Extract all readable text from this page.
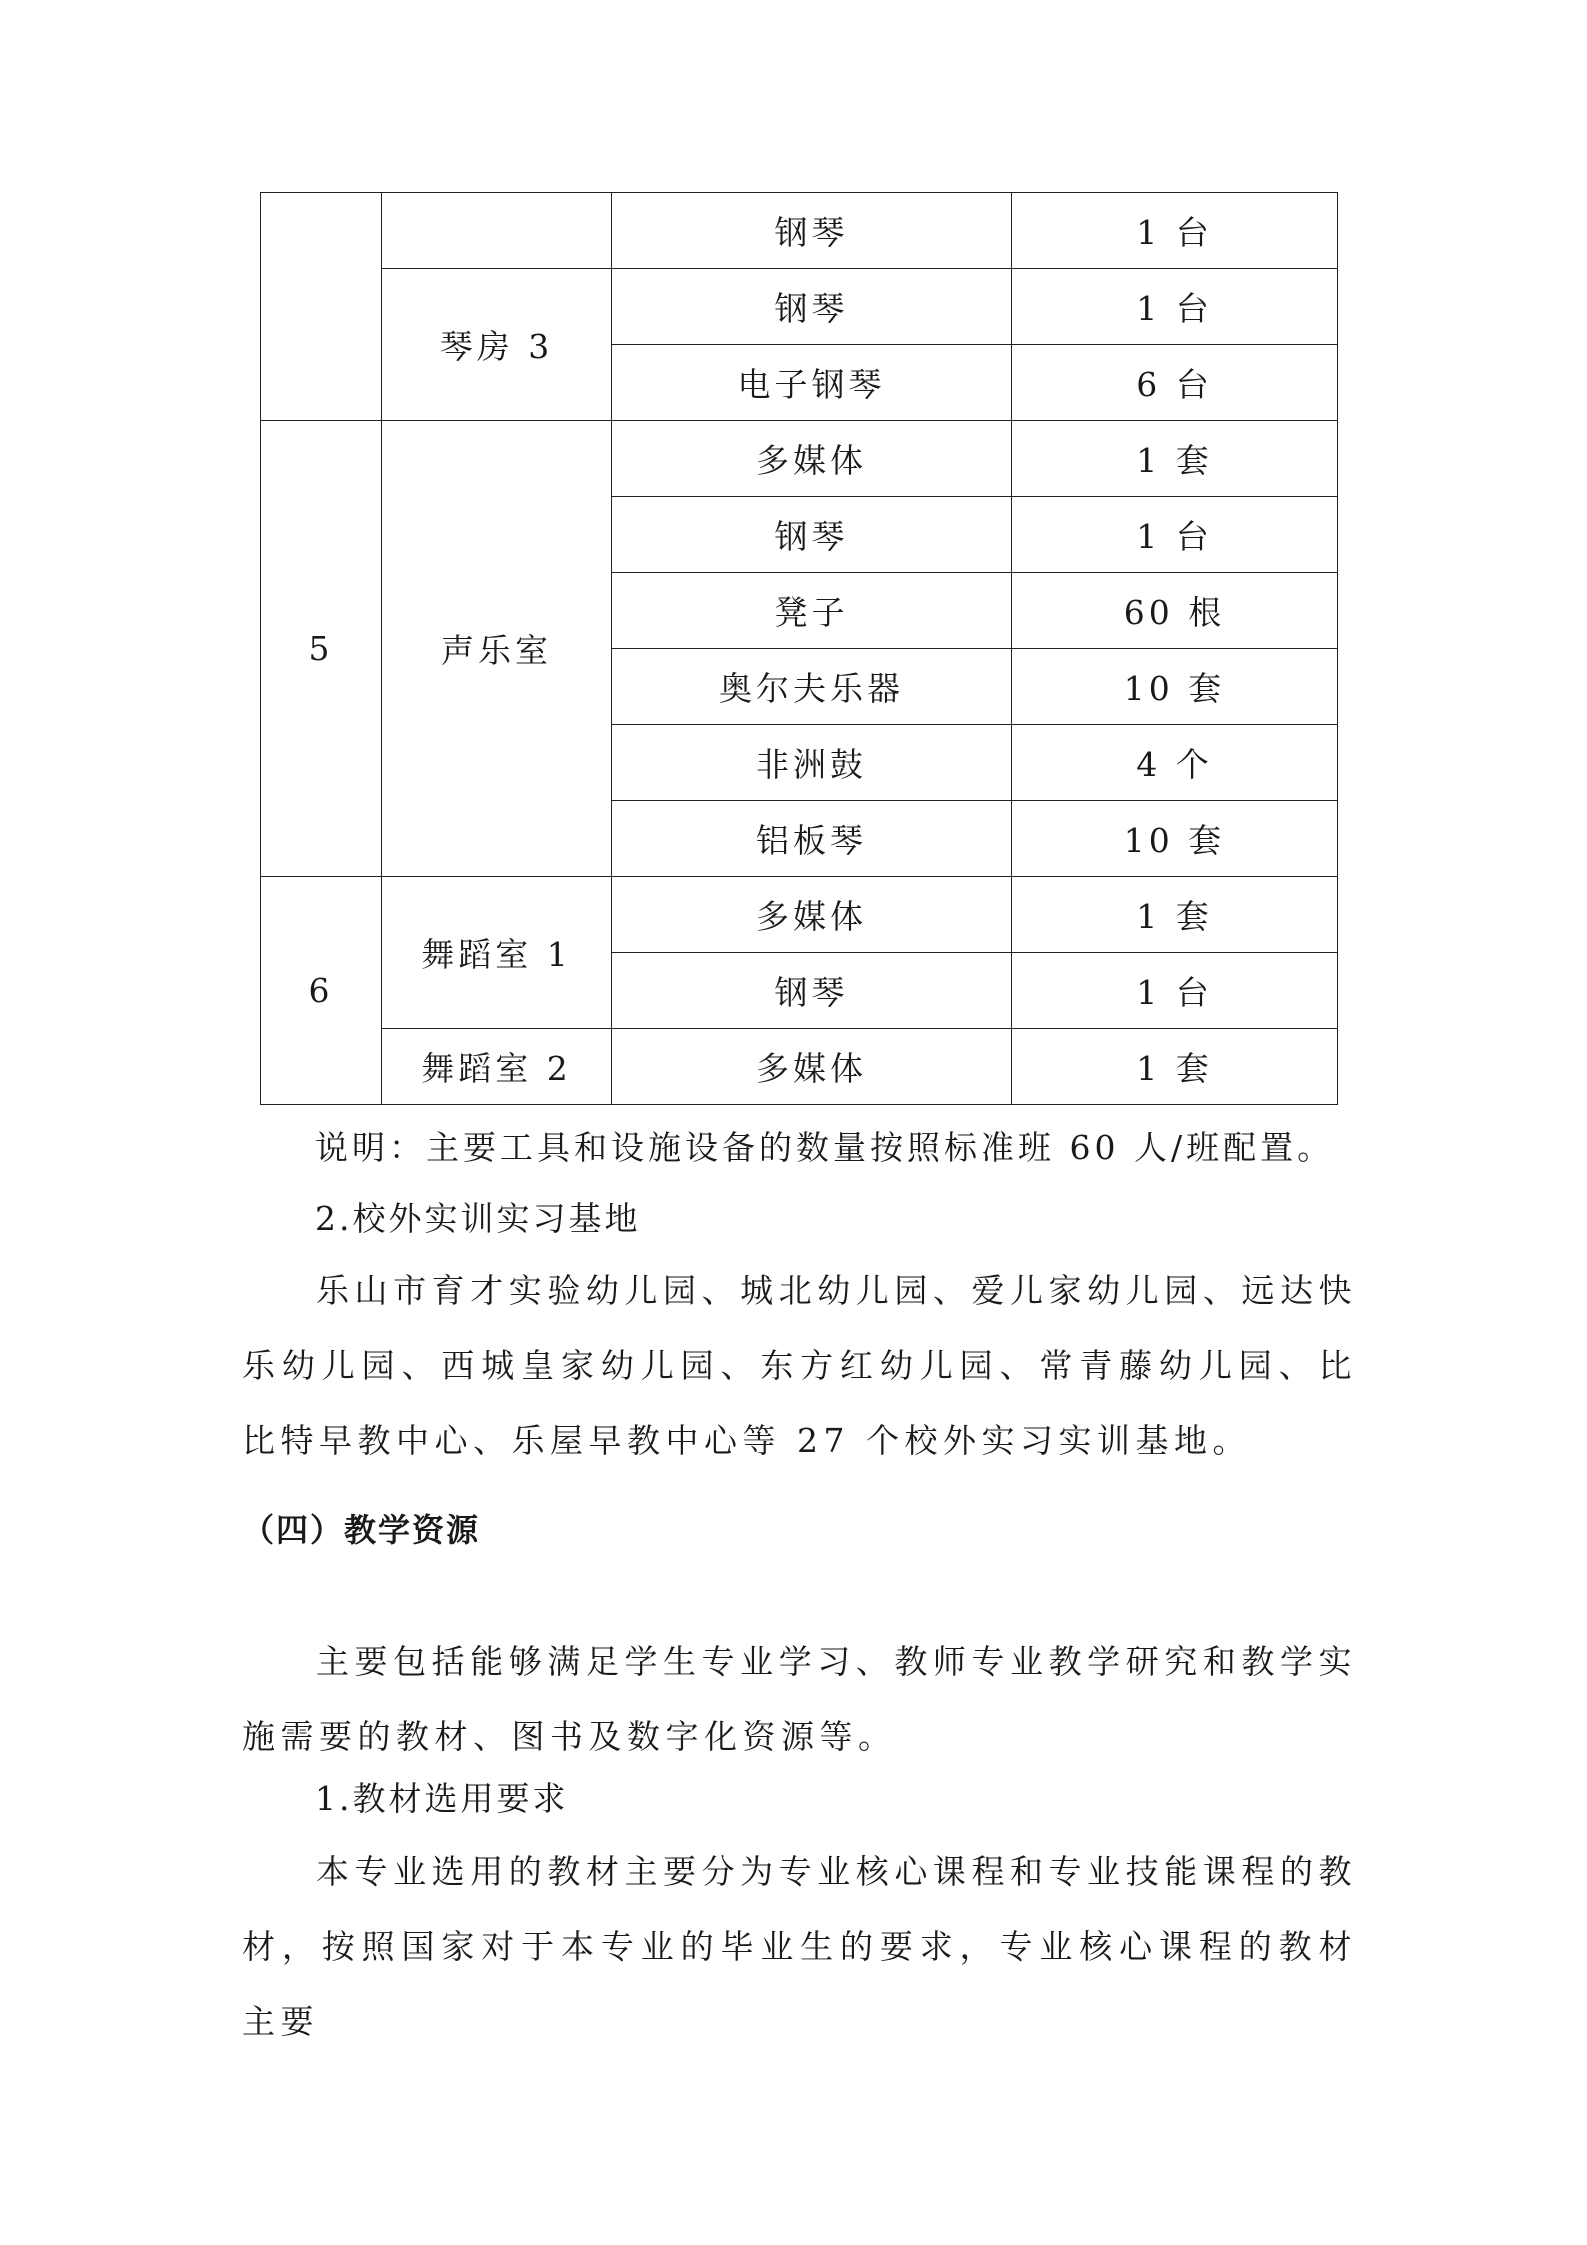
		钢琴	1 台
	琴房 3	钢琴	1 台
		电子钢琴	6 台
5	声乐室	多媒体	1 套
		钢琴	1 台
		凳子	60 根
		奥尔夫乐器	10 套
		非洲鼓	4 个
		铝板琴	10 套
6	舞蹈室 1	多媒体	1 套
		钢琴	1 台
	舞蹈室 2	多媒体	1 套
说明：主要工具和设施设备的数量按照标准班 60 人/班配置。
2.校外实训实习基地

乐山市育才实验幼儿园、城北幼儿园、爱儿家幼儿园、远达快乐幼儿园、西城皇家幼儿园、东方红幼儿园、常青藤幼儿园、比比特早教中心、乐屋早教中心等 27 个校外实习实训基地。

（四）教学资源

主要包括能够满足学生专业学习、教师专业教学研究和教学实施需要的教材、图书及数字化资源等。

1.教材选用要求

本专业选用的教材主要分为专业核心课程和专业技能课程的教材，按照国家对于本专业的毕业生的要求，专业核心课程的教材主要
